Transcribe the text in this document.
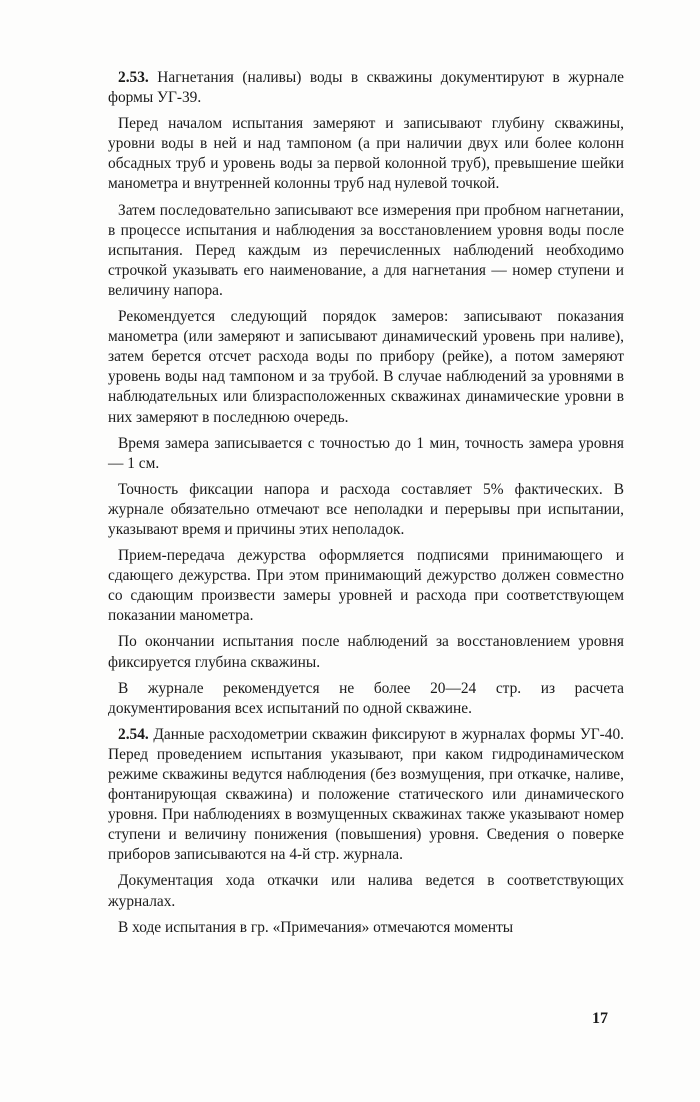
2.53. Нагнетания (наливы) воды в скважины документируют в журнале формы УГ-39.

Перед началом испытания замеряют и записывают глубину скважины, уровни воды в ней и над тампоном (а при наличии двух или более колонн обсадных труб и уровень воды за первой колонной труб), превышение шейки манометра и внутренней колонны труб над нулевой точкой.

Затем последовательно записывают все измерения при пробном нагнетании, в процессе испытания и наблюдения за восстановлением уровня воды после испытания. Перед каждым из перечисленных наблюдений необходимо строчкой указывать его наименование, а для нагнетания — номер ступени и величину напора.

Рекомендуется следующий порядок замеров: записывают показания манометра (или замеряют и записывают динамический уровень при наливе), затем берется отсчет расхода воды по прибору (рейке), а потом замеряют уровень воды над тампоном и за трубой. В случае наблюдений за уровнями в наблюдательных или близрасположенных скважинах динамические уровни в них замеряют в последнюю очередь.

Время замера записывается с точностью до 1 мин, точность замера уровня — 1 см.

Точность фиксации напора и расхода составляет 5% фактических. В журнале обязательно отмечают все неполадки и перерывы при испытании, указывают время и причины этих неполадок.

Прием-передача дежурства оформляется подписями принимающего и сдающего дежурства. При этом принимающий дежурство должен совместно со сдающим произвести замеры уровней и расхода при соответствующем показании манометра.

По окончании испытания после наблюдений за восстановлением уровня фиксируется глубина скважины.

В журнале рекомендуется не более 20—24 стр. из расчета документирования всех испытаний по одной скважине.

2.54. Данные расходометрии скважин фиксируют в журналах формы УГ-40. Перед проведением испытания указывают, при каком гидродинамическом режиме скважины ведутся наблюдения (без возмущения, при откачке, наливе, фонтанирующая скважина) и положение статического или динамического уровня. При наблюдениях в возмущенных скважинах также указывают номер ступени и величину понижения (повышения) уровня. Сведения о поверке приборов записываются на 4-й стр. журнала.

Документация хода откачки или налива ведется в соответствующих журналах.

В ходе испытания в гр. «Примечания» отмечаются моменты

17
